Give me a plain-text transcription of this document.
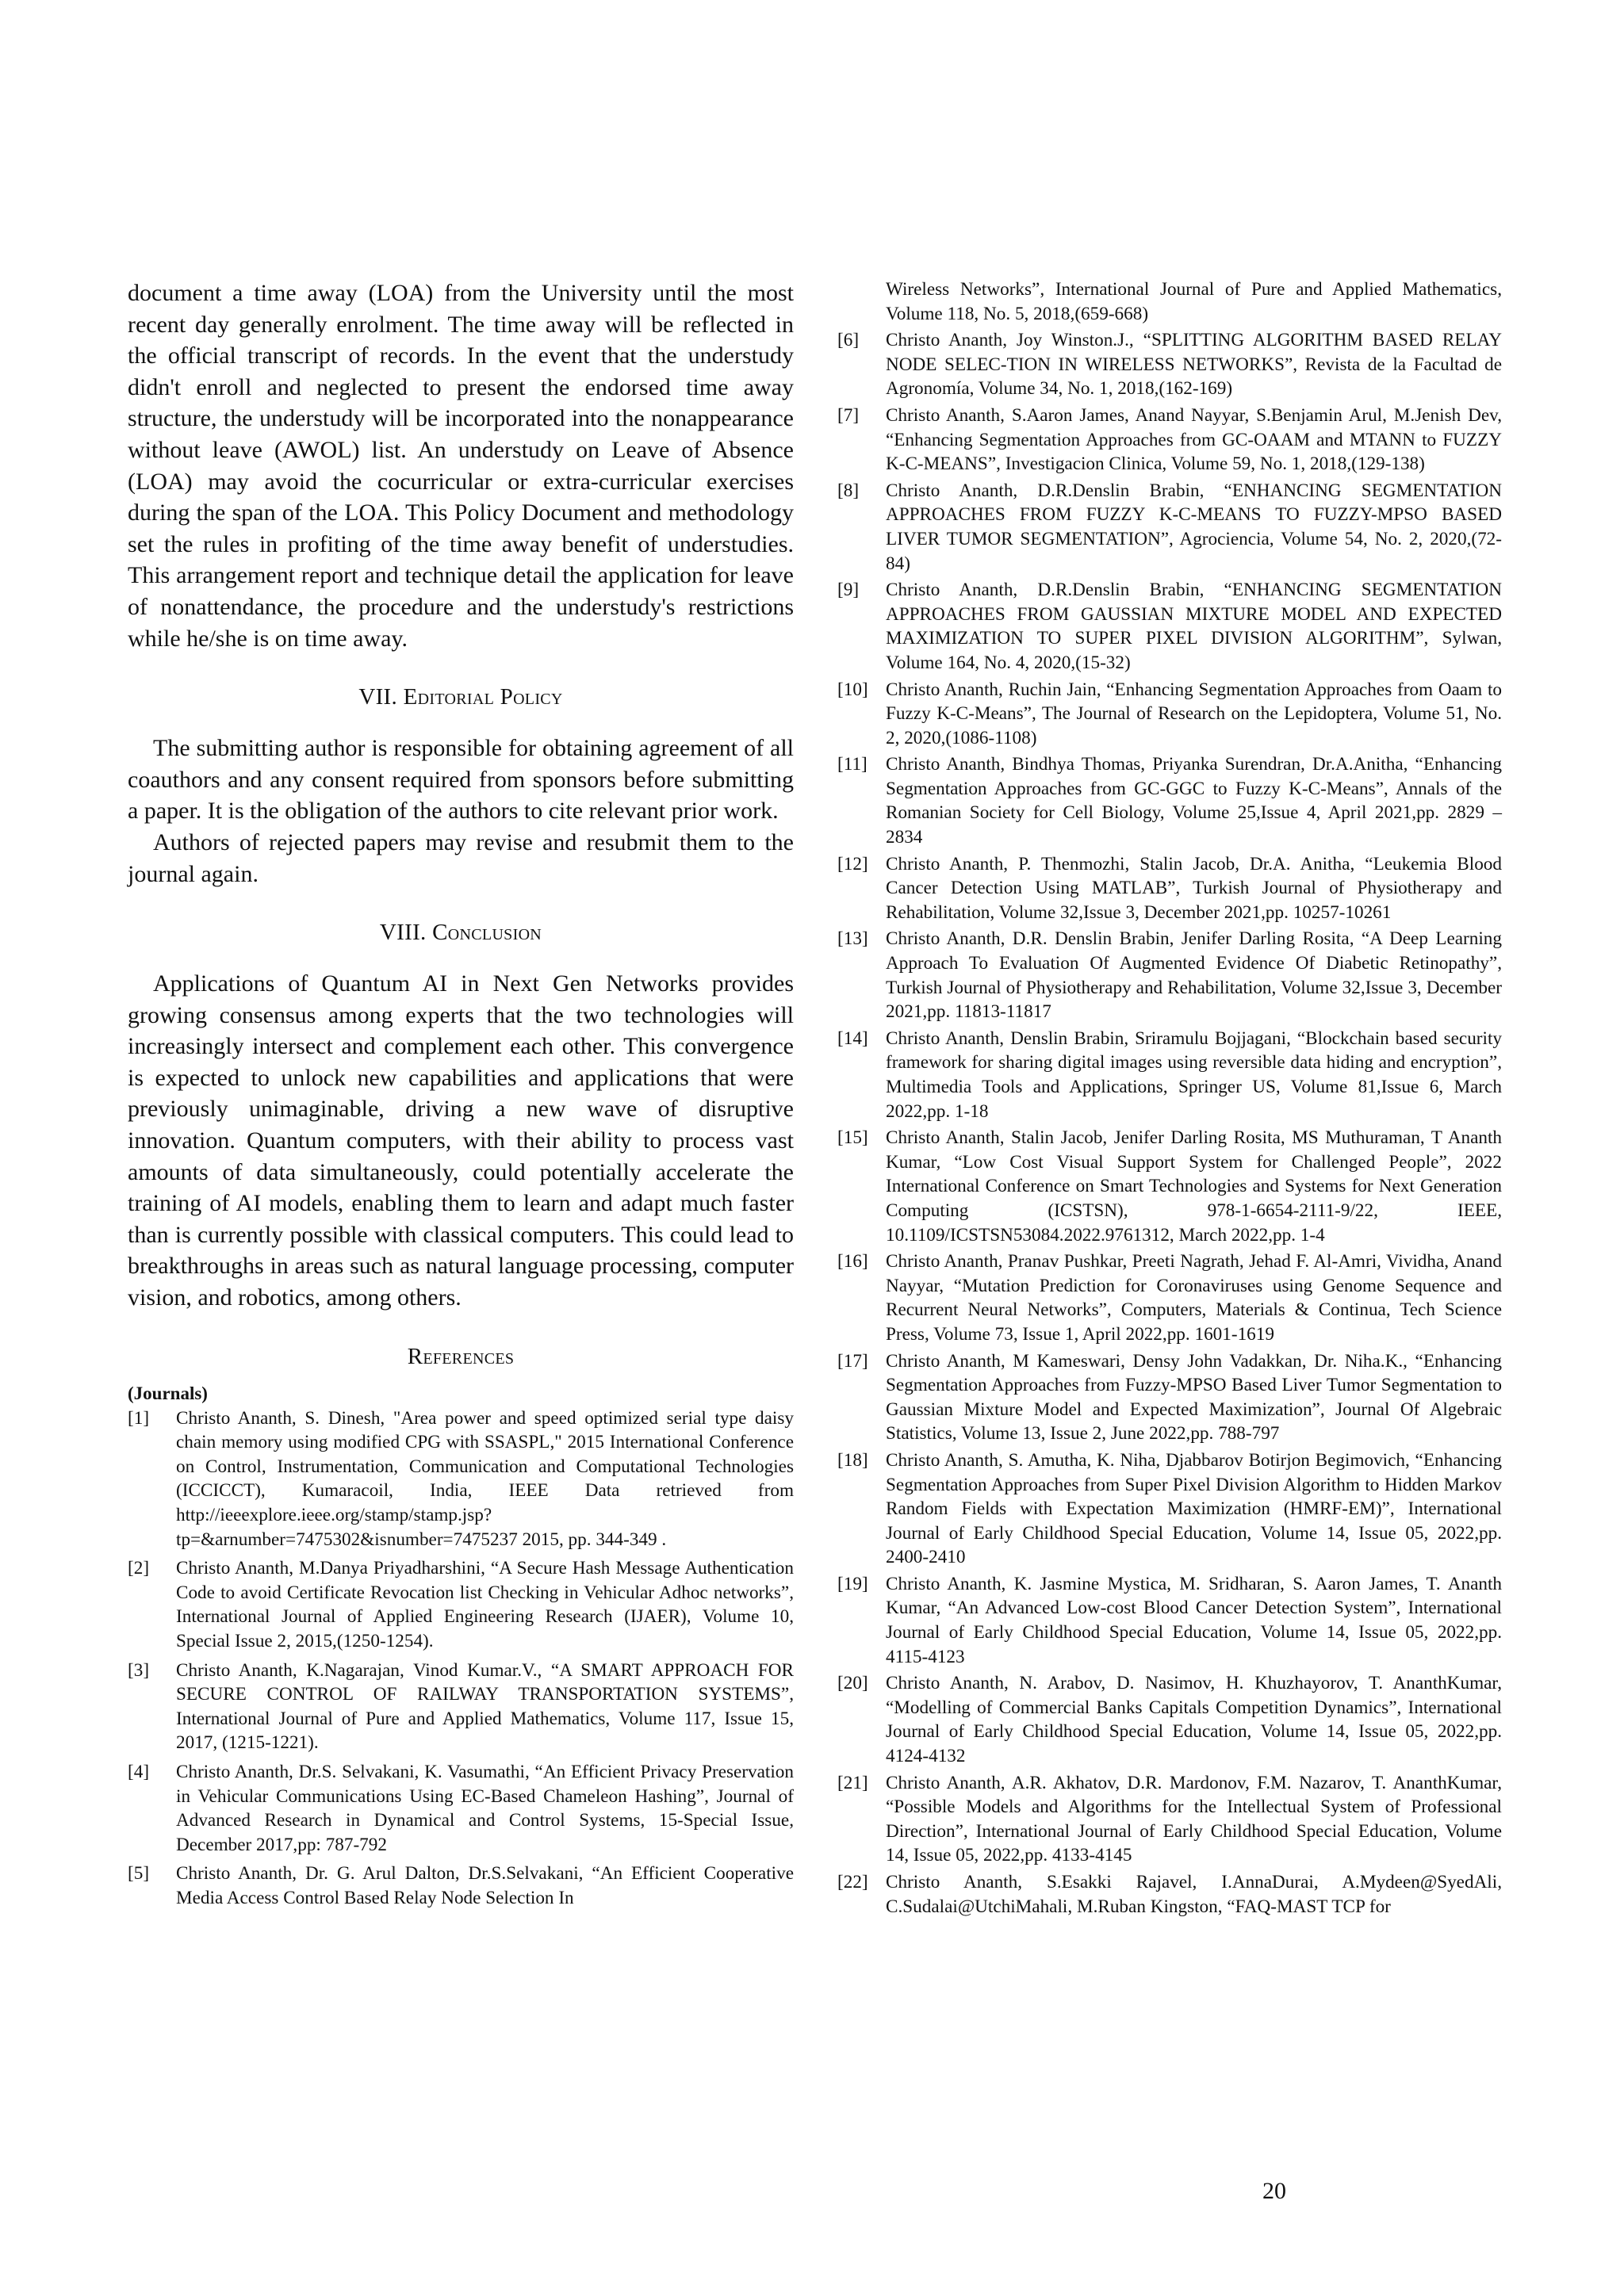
document a time away (LOA) from the University until the most recent day generally enrolment. The time away will be reflected in the official transcript of records. In the event that the understudy didn't enroll and neglected to present the endorsed time away structure, the understudy will be incorporated into the nonappearance without leave (AWOL) list. An understudy on Leave of Absence (LOA) may avoid the cocurricular or extra-curricular exercises during the span of the LOA. This Policy Document and methodology set the rules in profiting of the time away benefit of understudies. This arrangement report and technique detail the application for leave of nonattendance, the procedure and the understudy's restrictions while he/she is on time away.

VII. Editorial Policy

The submitting author is responsible for obtaining agreement of all coauthors and any consent required from sponsors before submitting a paper. It is the obligation of the authors to cite relevant prior work.

Authors of rejected papers may revise and resubmit them to the journal again.

VIII. Conclusion

Applications of Quantum AI in Next Gen Networks provides growing consensus among experts that the two technologies will increasingly intersect and complement each other. This convergence is expected to unlock new capabilities and applications that were previously unimaginable, driving a new wave of disruptive innovation. Quantum computers, with their ability to process vast amounts of data simultaneously, could potentially accelerate the training of AI models, enabling them to learn and adapt much faster than is currently possible with classical computers. This could lead to breakthroughs in areas such as natural language processing, computer vision, and robotics, among others.

References

(Journals)

[1]	Christo Ananth, S. Dinesh, "Area power and speed optimized serial type daisy chain memory using modified CPG with SSASPL," 2015 International Conference on Control, Instrumentation, Communication and Computational Technologies (ICCICCT), Kumaracoil, India, IEEE Data retrieved from http://ieeexplore.ieee.org/stamp/stamp.jsp?tp=&arnumber=7475302&isnumber=7475237 2015, pp. 344-349 .
[2]	Christo Ananth, M.Danya Priyadharshini, “A Secure Hash Message Authentication Code to avoid Certificate Revocation list Checking in Vehicular Adhoc networks”, International Journal of Applied Engineering Research (IJAER), Volume 10, Special Issue 2, 2015,(1250-1254).
[3]	Christo Ananth, K.Nagarajan, Vinod Kumar.V., “A SMART APPROACH FOR SECURE CONTROL OF RAILWAY TRANSPORTATION SYSTEMS”, International Journal of Pure and Applied Mathematics, Volume 117, Issue 15, 2017, (1215-1221).
[4]	Christo Ananth, Dr.S. Selvakani, K. Vasumathi, “An Efficient Privacy Preservation in Vehicular Communications Using EC-Based Chameleon Hashing”, Journal of Advanced Research in Dynamical and Control Systems, 15-Special Issue, December 2017,pp: 787-792
[5]	Christo Ananth, Dr. G. Arul Dalton, Dr.S.Selvakani, “An Efficient Cooperative Media Access Control Based Relay Node Selection In
Wireless Networks”, International Journal of Pure and Applied Mathematics, Volume 118, No. 5, 2018,(659-668)
[6]	Christo Ananth, Joy Winston.J., “SPLITTING ALGORITHM BASED RELAY NODE SELEC-TION IN WIRELESS NETWORKS”, Revista de la Facultad de Agronomía, Volume 34, No. 1, 2018,(162-169)
[7]	Christo Ananth, S.Aaron James, Anand Nayyar, S.Benjamin Arul, M.Jenish Dev, “Enhancing Segmentation Approaches from GC-OAAM and MTANN to FUZZY K-C-MEANS”, Investigacion Clinica, Volume 59, No. 1, 2018,(129-138)
[8]	Christo Ananth, D.R.Denslin Brabin, “ENHANCING SEGMENTATION APPROACHES FROM FUZZY K-C-MEANS TO FUZZY-MPSO BASED LIVER TUMOR SEGMENTATION”, Agrociencia, Volume 54, No. 2, 2020,(72-84)
[9]	Christo Ananth, D.R.Denslin Brabin, “ENHANCING SEGMENTATION APPROACHES FROM GAUSSIAN MIXTURE MODEL AND EXPECTED MAXIMIZATION TO SUPER PIXEL DIVISION ALGORITHM”, Sylwan, Volume 164, No. 4, 2020,(15-32)
[10] Christo Ananth, Ruchin Jain, “Enhancing Segmentation Approaches from Oaam to Fuzzy K-C-Means”, The Journal of Research on the Lepidoptera, Volume 51, No. 2, 2020,(1086-1108)
[11]	Christo Ananth, Bindhya Thomas, Priyanka Surendran, Dr.A.Anitha, “Enhancing Segmentation Approaches from GC-GGC to Fuzzy K-C-Means”, Annals of the Romanian Society for Cell Biology, Volume 25,Issue 4, April 2021,pp. 2829 – 2834
[12] Christo Ananth, P. Thenmozhi, Stalin Jacob, Dr.A. Anitha, “Leukemia Blood Cancer Detection Using MATLAB”, Turkish Journal of Physiotherapy and Rehabilitation, Volume 32,Issue 3, December 2021,pp. 10257-10261
[13] Christo Ananth, D.R. Denslin Brabin, Jenifer Darling Rosita, “A Deep Learning Approach To Evaluation Of Augmented Evidence Of Diabetic Retinopathy”, Turkish Journal of Physiotherapy and Rehabilitation, Volume 32,Issue 3, December 2021,pp. 11813-11817
[14] Christo Ananth, Denslin Brabin, Sriramulu Bojjagani, “Blockchain based security framework for sharing digital images using reversible data hiding and encryption”, Multimedia Tools and Applications, Springer US, Volume 81,Issue 6, March 2022,pp. 1-18
[15] Christo Ananth, Stalin Jacob, Jenifer Darling Rosita, MS Muthuraman, T Ananth Kumar, “Low Cost Visual Support System for Challenged People”, 2022 International Conference on Smart Technologies and Systems for Next Generation Computing (ICSTSN), 978-1-6654-2111-9/22, IEEE, 10.1109/ICSTSN53084.2022.9761312, March 2022,pp. 1-4
[16] Christo Ananth, Pranav Pushkar, Preeti Nagrath, Jehad F. Al-Amri, Vividha, Anand Nayyar, “Mutation Prediction for Coronaviruses using Genome Sequence and Recurrent Neural Networks”, Computers, Materials & Continua, Tech Science Press, Volume 73, Issue 1, April 2022,pp. 1601-1619
[17] Christo Ananth, M Kameswari, Densy John Vadakkan, Dr. Niha.K., “Enhancing Segmentation Approaches from Fuzzy-MPSO Based Liver Tumor Segmentation to Gaussian Mixture Model and Expected Maximization”, Journal Of Algebraic Statistics, Volume 13, Issue 2, June 2022,pp. 788-797
[18] Christo Ananth, S. Amutha, K. Niha, Djabbarov Botirjon Begimovich, “Enhancing Segmentation Approaches from Super Pixel Division Algorithm to Hidden Markov Random Fields with Expectation Maximization (HMRF-EM)”, International Journal of Early Childhood Special Education, Volume 14, Issue 05, 2022,pp. 2400-2410
[19] Christo Ananth, K. Jasmine Mystica, M. Sridharan, S. Aaron James, T. Ananth Kumar, “An Advanced Low-cost Blood Cancer Detection System”, International Journal of Early Childhood Special Education, Volume 14, Issue 05, 2022,pp. 4115-4123
[20] Christo Ananth, N. Arabov, D. Nasimov, H. Khuzhayorov, T. AnanthKumar, “Modelling of Commercial Banks Capitals Competition Dynamics”, International Journal of Early Childhood Special Education, Volume 14, Issue 05, 2022,pp. 4124-4132
[21] Christo Ananth, A.R. Akhatov, D.R. Mardonov, F.M. Nazarov, T. AnanthKumar, “Possible Models and Algorithms for the Intellectual System of Professional Direction”, International Journal of Early Childhood Special Education, Volume 14, Issue 05, 2022,pp. 4133-4145
[22] Christo Ananth, S.Esakki Rajavel, I.AnnaDurai, A.Mydeen@SyedAli, C.Sudalai@UtchiMahali, M.Ruban Kingston, “FAQ-MAST TCP for
20
